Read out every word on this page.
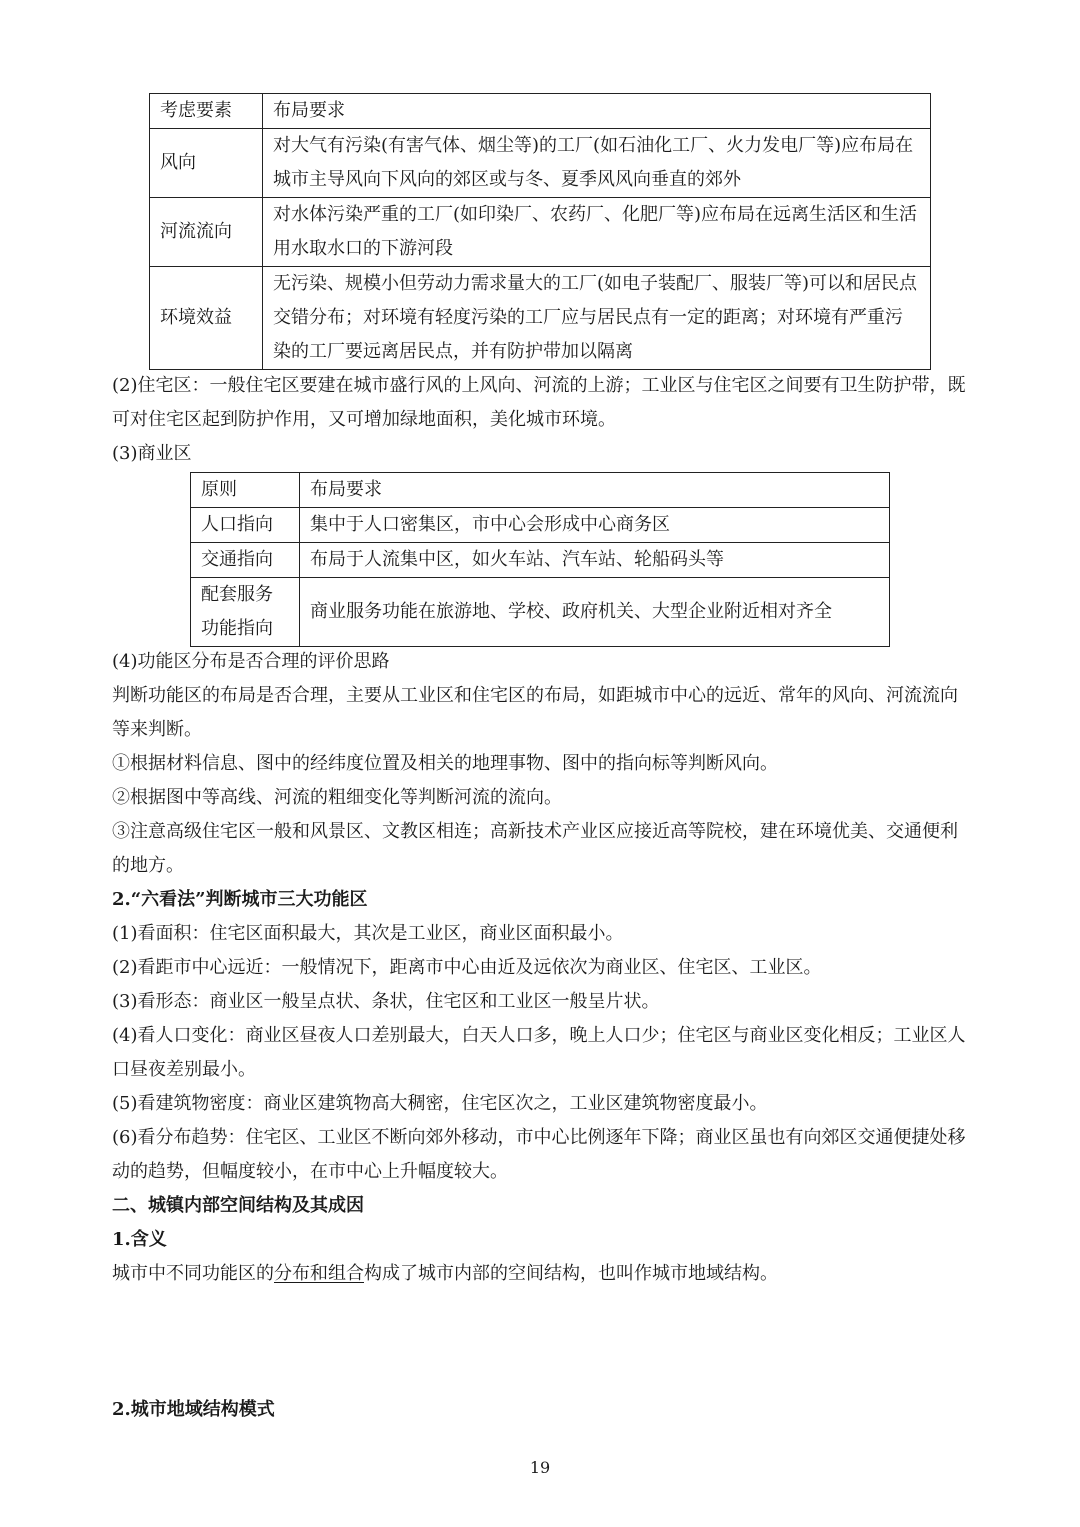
考虑要素	布局要求
风向	对大气有污染(有害气体、烟尘等)的工厂(如石油化工厂、火力发电厂等)应布局在城市主导风向下风向的郊区或与冬、夏季风风向垂直的郊外
河流流向	对水体污染严重的工厂(如印染厂、农药厂、化肥厂等)应布局在远离生活区和生活用水取水口的下游河段
环境效益	无污染、规模小但劳动力需求量大的工厂(如电子装配厂、服装厂等)可以和居民点交错分布；对环境有轻度污染的工厂应与居民点有一定的距离；对环境有严重污染的工厂要远离居民点，并有防护带加以隔离

(2)住宅区：一般住宅区要建在城市盛行风的上风向、河流的上游；工业区与住宅区之间要有卫生防护带，既可对住宅区起到防护作用，又可增加绿地面积，美化城市环境。

(3)商业区

原则	布局要求
人口指向	集中于人口密集区，市中心会形成中心商务区
交通指向	布局于人流集中区，如火车站、汽车站、轮船码头等
配套服务功能指向	商业服务功能在旅游地、学校、政府机关、大型企业附近相对齐全

(4)功能区分布是否合理的评价思路

判断功能区的布局是否合理，主要从工业区和住宅区的布局，如距城市中心的远近、常年的风向、河流流向等来判断。

①根据材料信息、图中的经纬度位置及相关的地理事物、图中的指向标等判断风向。

②根据图中等高线、河流的粗细变化等判断河流的流向。

③注意高级住宅区一般和风景区、文教区相连；高新技术产业区应接近高等院校，建在环境优美、交通便利的地方。

2.“六看法”判断城市三大功能区

(1)看面积：住宅区面积最大，其次是工业区，商业区面积最小。

(2)看距市中心远近：一般情况下，距离市中心由近及远依次为商业区、住宅区、工业区。

(3)看形态：商业区一般呈点状、条状，住宅区和工业区一般呈片状。

(4)看人口变化：商业区昼夜人口差别最大，白天人口多，晚上人口少；住宅区与商业区变化相反；工业区人口昼夜差别最小。

(5)看建筑物密度：商业区建筑物高大稠密，住宅区次之，工业区建筑物密度最小。

(6)看分布趋势：住宅区、工业区不断向郊外移动，市中心比例逐年下降；商业区虽也有向郊区交通便捷处移动的趋势，但幅度较小，在市中心上升幅度较大。

二、城镇内部空间结构及其成因

1.含义

城市中不同功能区的分布和组合构成了城市内部的空间结构，也叫作城市地域结构。

2.城市地域结构模式

19
